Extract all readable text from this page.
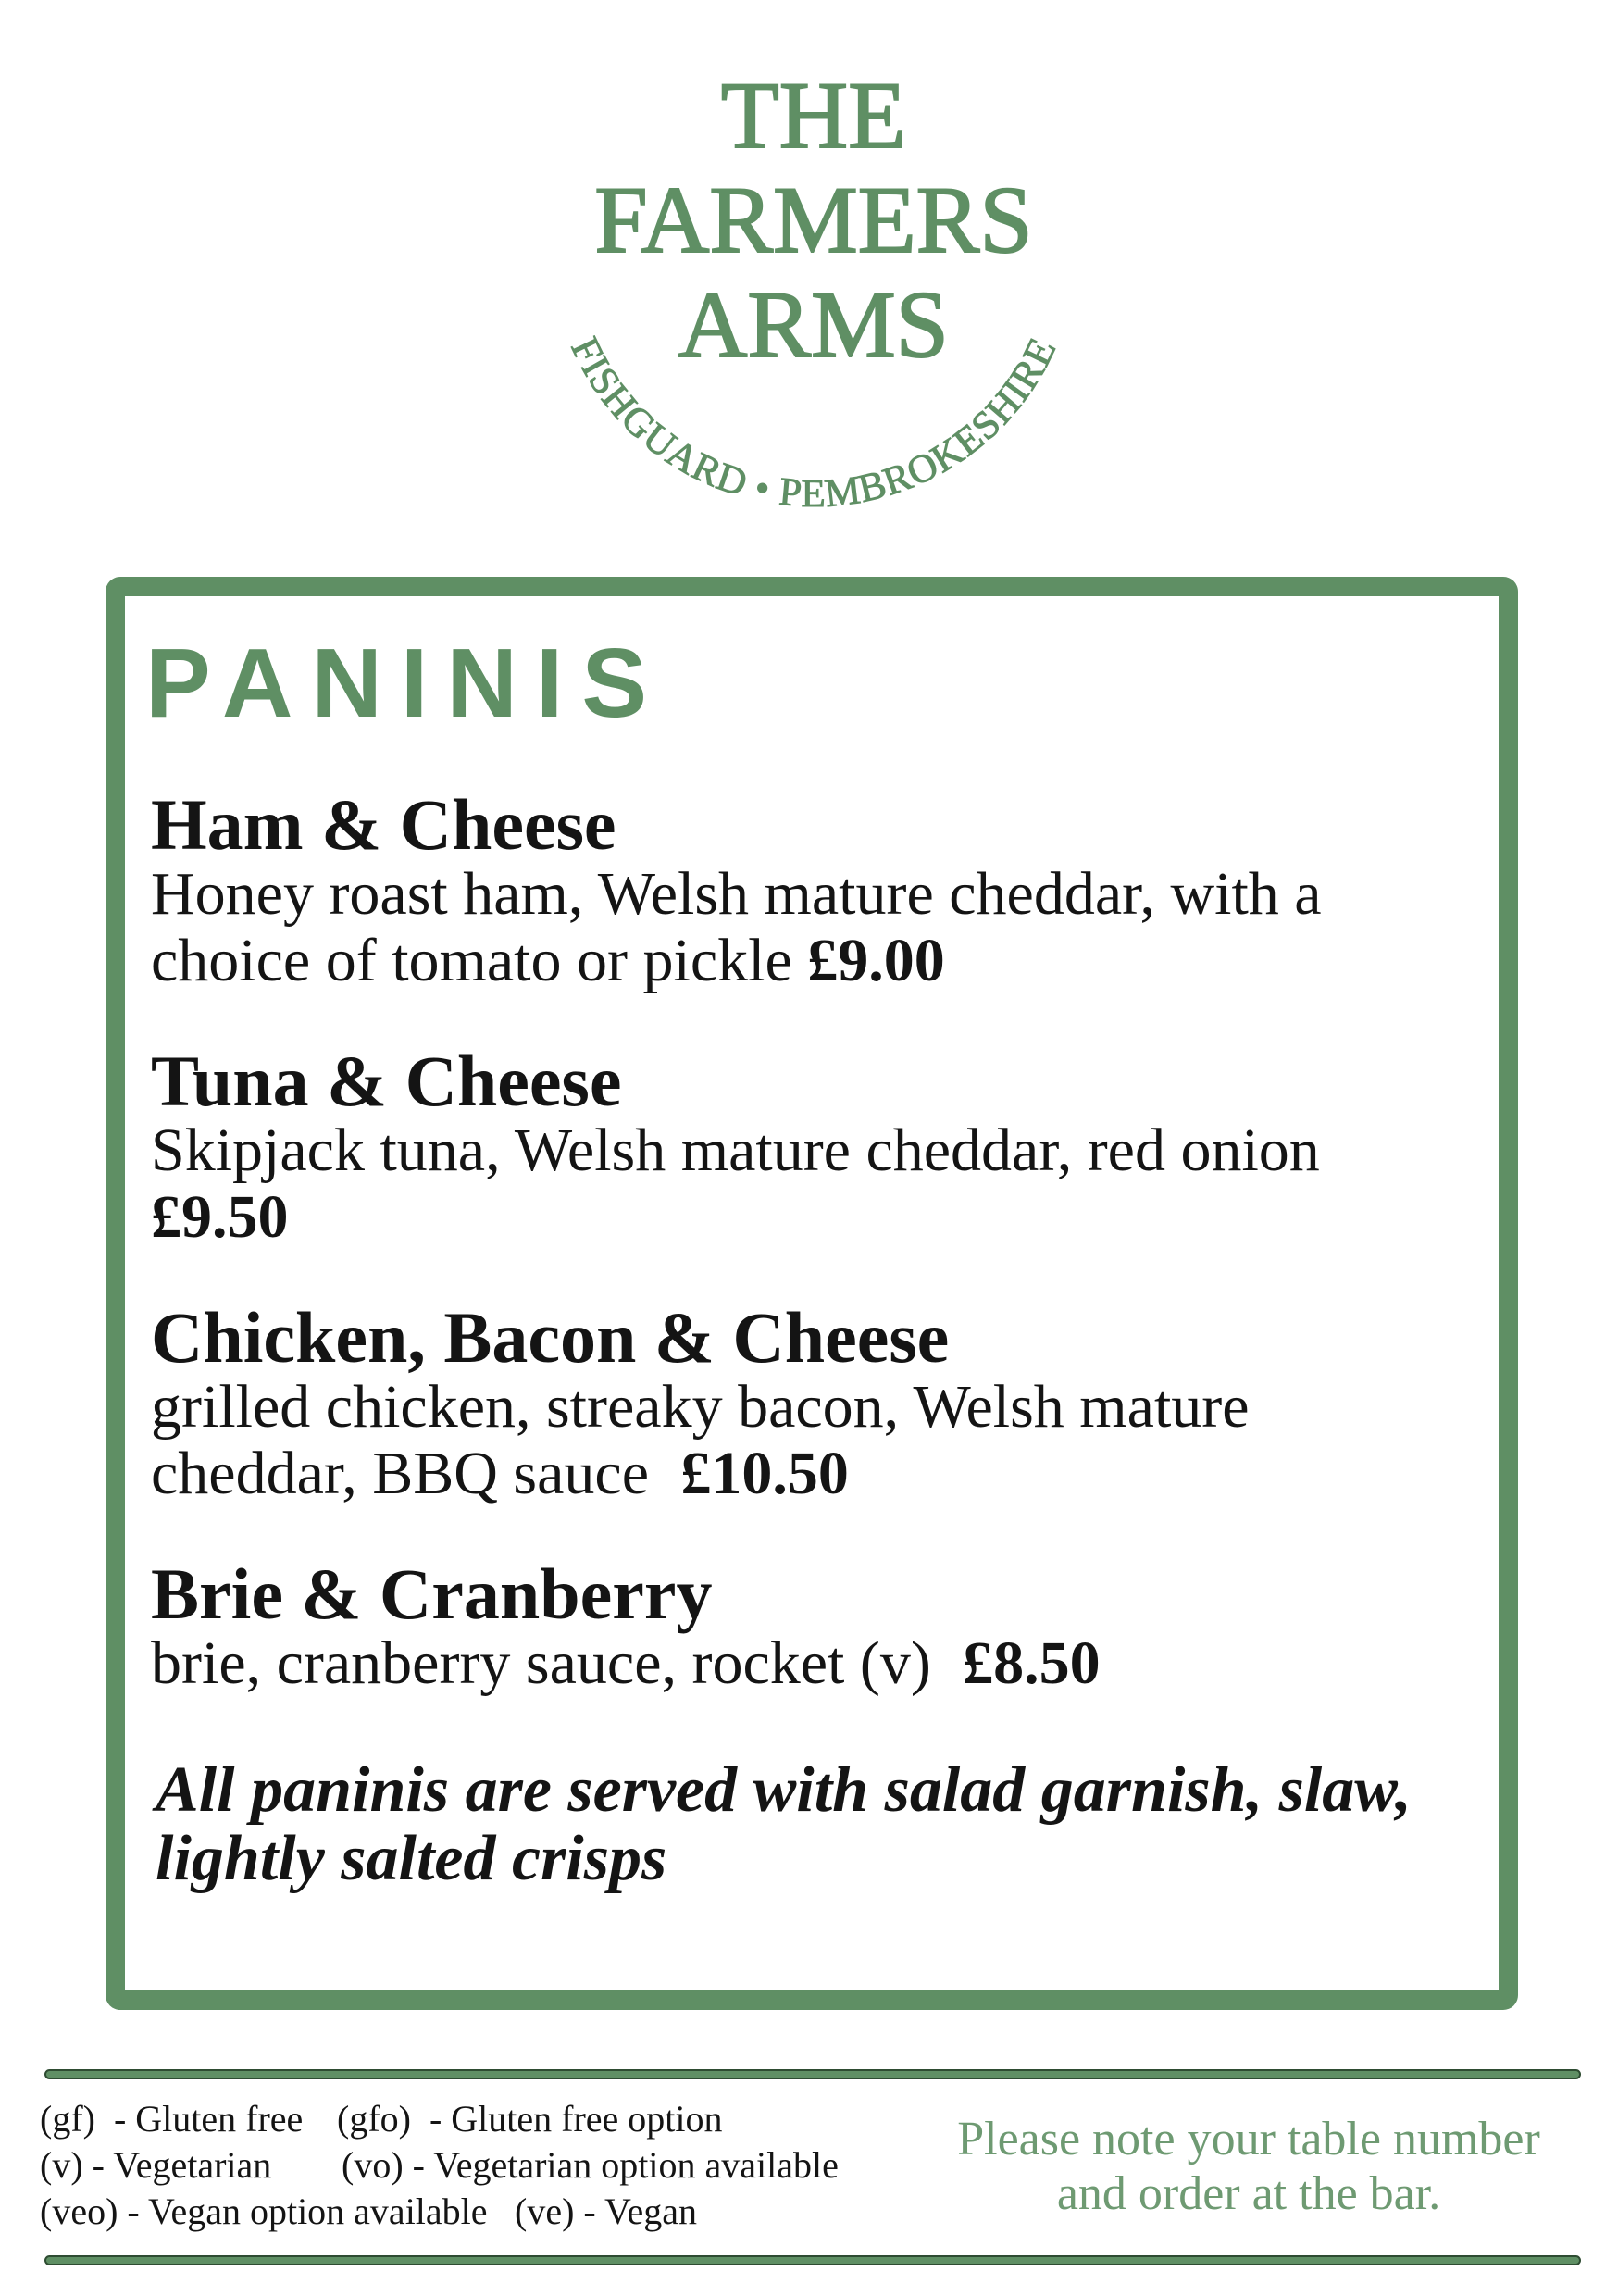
THE
FARMERS
ARMS
FISHGUARD • PEMBROKESHIRE
PANINIS
Ham & Cheese
Honey roast ham, Welsh mature cheddar, with a choice of tomato or pickle £9.00
Tuna & Cheese
Skipjack tuna, Welsh mature cheddar, red onion £9.50
Chicken, Bacon & Cheese
grilled chicken, streaky bacon, Welsh mature cheddar, BBQ sauce £10.50
Brie & Cranberry
brie, cranberry sauce, rocket (v) £8.50
All paninis are served with salad garnish, slaw, lightly salted crisps
(gf)  - Gluten free (gfo)  - Gluten free option
(v) - Vegetarian (vo) - Vegetarian option available
(veo) - Vegan option available (ve) - Vegan
Please note your table number and order at the bar.
